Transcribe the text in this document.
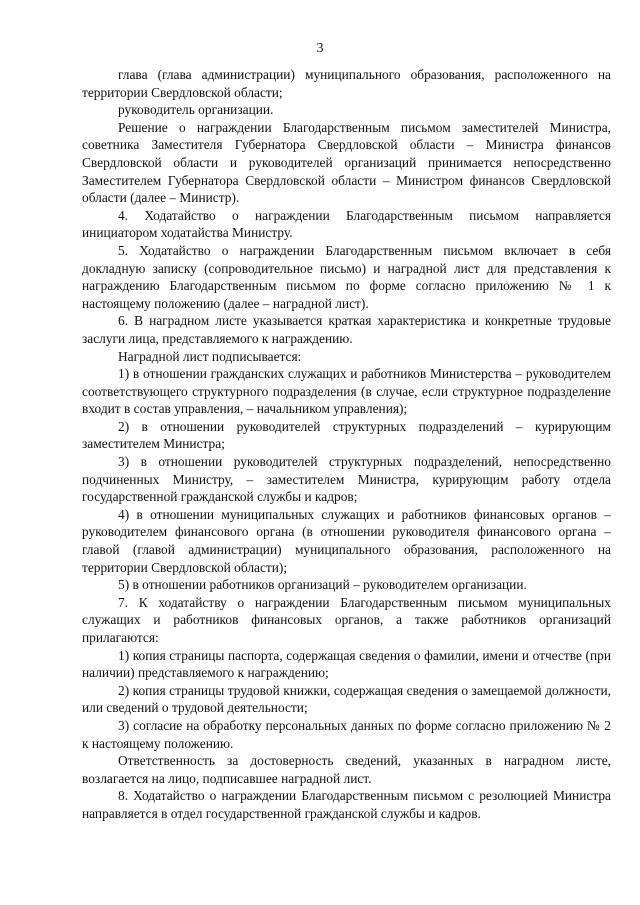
3

глава (глава администрации) муниципального образования, расположенного на территории Свердловской области;

руководитель организации.

Решение о награждении Благодарственным письмом заместителей Министра, советника Заместителя Губернатора Свердловской области – Министра финансов Свердловской области и руководителей организаций принимается непосредственно Заместителем Губернатора Свердловской области – Министром финансов Свердловской области (далее – Министр).

4. Ходатайство о награждении Благодарственным письмом направляется инициатором ходатайства Министру.

5. Ходатайство о награждении Благодарственным письмом включает в себя докладную записку (сопроводительное письмо) и наградной лист для представления к награждению Благодарственным письмом по форме согласно приложению № 1 к настоящему положению (далее – наградной лист).

6. В наградном листе указывается краткая характеристика и конкретные трудовые заслуги лица, представляемого к награждению.

Наградной лист подписывается:

1) в отношении гражданских служащих и работников Министерства – руководителем соответствующего структурного подразделения (в случае, если структурное подразделение входит в состав управления, – начальником управления);

2) в отношении руководителей структурных подразделений – курирующим заместителем Министра;

3) в отношении руководителей структурных подразделений, непосредственно подчиненных Министру, – заместителем Министра, курирующим работу отдела государственной гражданской службы и кадров;

4) в отношении муниципальных служащих и работников финансовых органов – руководителем финансового органа (в отношении руководителя финансового органа – главой (главой администрации) муниципального образования, расположенного на территории Свердловской области);

5) в отношении работников организаций – руководителем организации.

7. К ходатайству о награждении Благодарственным письмом муниципальных служащих и работников финансовых органов, а также работников организаций прилагаются:

1) копия страницы паспорта, содержащая сведения о фамилии, имени и отчестве (при наличии) представляемого к награждению;

2) копия страницы трудовой книжки, содержащая сведения о замещаемой должности, или сведений о трудовой деятельности;

3) согласие на обработку персональных данных по форме согласно приложению № 2 к настоящему положению.

Ответственность за достоверность сведений, указанных в наградном листе, возлагается на лицо, подписавшее наградной лист.

8. Ходатайство о награждении Благодарственным письмом с резолюцией Министра направляется в отдел государственной гражданской службы и кадров.
